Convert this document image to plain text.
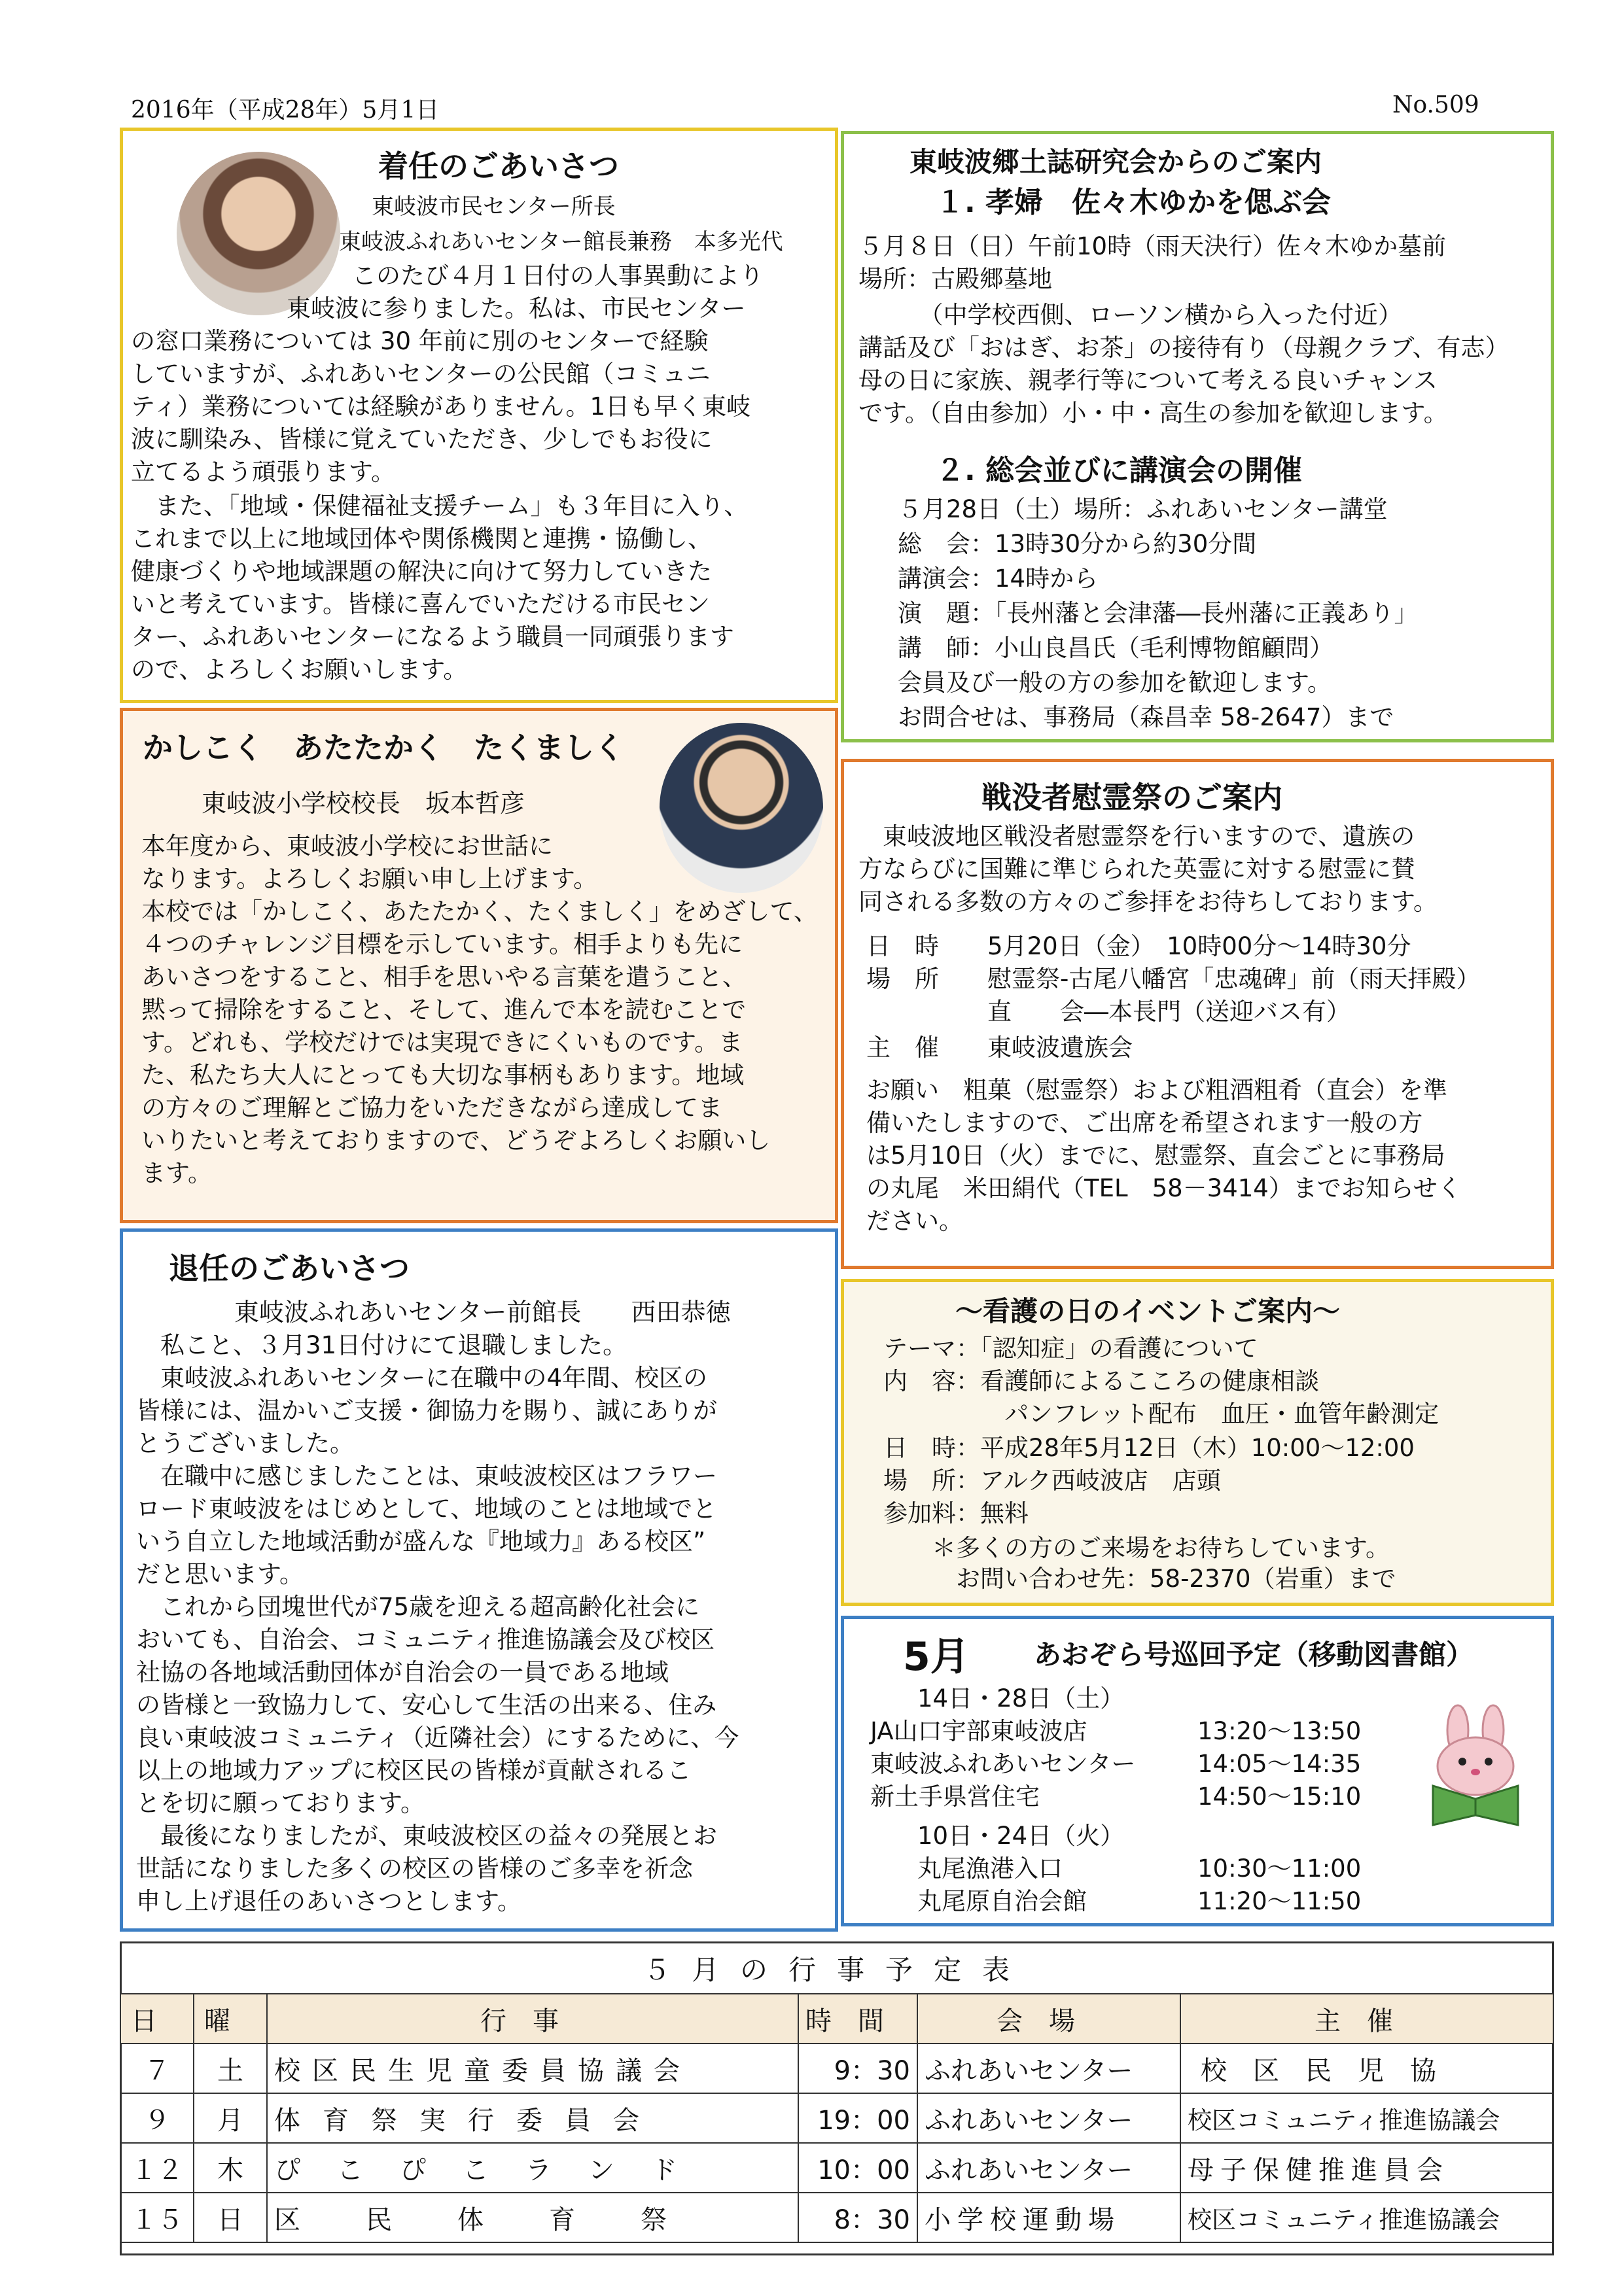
2016年（平成28年）5月1日	No.509

着任のごあいさつ

東岐波市民センター所長
東岐波ふれあいセンター館長兼務　本多光代

このたび４月１日付の人事異動により

東岐波に参りました。私は、市民センター

の窓口業務については 30 年前に別のセンターで経験

していますが、ふれあいセンターの公民館（コミュニ

ティ）業務については経験がありません。1日も早く東岐

波に馴染み、皆様に覚えていただき、少しでもお役に

立てるよう頑張ります。

　また、「地域・保健福祉支援チーム」も３年目に入り、

これまで以上に地域団体や関係機関と連携・協働し、

健康づくりや地域課題の解決に向けて努力していきた

いと考えています。皆様に喜んでいただける市民セン

ター、ふれあいセンターになるよう職員一同頑張ります

ので、よろしくお願いします。

かしこく　あたたかく　たくましく

東岐波小学校校長　坂本哲彦

本年度から、東岐波小学校にお世話に

なります。よろしくお願い申し上げます。

本校では「かしこく、あたたかく、たくましく」をめざして、

４つのチャレンジ目標を示しています。相手よりも先に

あいさつをすること、相手を思いやる言葉を遣うこと、

黙って掃除をすること、そして、進んで本を読むことで

す。どれも、学校だけでは実現できにくいものです。ま

た、私たち大人にとっても大切な事柄もあります。地域

の方々のご理解とご協力をいただきながら達成してま

いりたいと考えておりますので、どうぞよろしくお願いし

ます。

退任のごあいさつ

東岐波ふれあいセンター前館長　　西田恭徳

　私こと、３月31日付けにて退職しました。

　東岐波ふれあいセンターに在職中の4年間、校区の

皆様には、温かいご支援・御協力を賜り、誠にありが

とうございました。

　在職中に感じましたことは、東岐波校区はフラワー

ロード東岐波をはじめとして、地域のことは地域でと

いう自立した地域活動が盛んな『地域力』ある校区”

だと思います。

　これから団塊世代が75歳を迎える超高齢化社会に

おいても、自治会、コミュニティ推進協議会及び校区

社協の各地域活動団体が自治会の一員である地域

の皆様と一致協力して、安心して生活の出来る、住み

良い東岐波コミュニティ（近隣社会）にするために、今

以上の地域力アップに校区民の皆様が貢献されるこ

とを切に願っております。

　最後になりましたが、東岐波校区の益々の発展とお

世話になりました多くの校区の皆様のご多幸を祈念

申し上げ退任のあいさつとします。

東岐波郷土誌研究会からのご案内

１. 孝婦　佐々木ゆかを偲ぶ会

５月８日（日）午前10時（雨天決行）佐々木ゆか墓前

場所：古殿郷墓地

　　　（中学校西側、ローソン横から入った付近）

講話及び「おはぎ、お茶」の接待有り（母親クラブ、有志）

母の日に家族、親孝行等について考える良いチャンス

です。（自由参加）小・中・高生の参加を歓迎します。

２. 総会並びに講演会の開催

５月28日（土）場所：ふれあいセンター講堂

総　会：13時30分から約30分間

講演会：14時から

演　題：「長州藩と会津藩―長州藩に正義あり」

講　師：小山良昌氏（毛利博物館顧問）

会員及び一般の方の参加を歓迎します。

お問合せは、事務局（森昌幸 58-2647）まで

戦没者慰霊祭のご案内

　東岐波地区戦没者慰霊祭を行いますので、遺族の

方ならびに国難に準じられた英霊に対する慰霊に賛

同される多数の方々のご参拝をお待ちしております。

日　時　　5月20日（金）　10時00分～14時30分

場　所　　慰霊祭-古尾八幡宮「忠魂碑」前（雨天拝殿）

　　　　　直　　会―本長門（送迎バス有）

主　催　　東岐波遺族会

お願い　粗菓（慰霊祭）および粗酒粗肴（直会）を準

備いたしますので、ご出席を希望されます一般の方

は5月10日（火）までに、慰霊祭、直会ごとに事務局

の丸尾　米田絹代（TEL　58－3414）までお知らせく

ださい。

～看護の日のイベントご案内～

テーマ：「認知症」の看護について

内　容：看護師によるこころの健康相談

　　　　　パンフレット配布　血圧・血管年齢測定

日　時：平成28年5月12日（木）10:00～12:00

場　所：アルク西岐波店　店頭

参加料：無料

　　＊多くの方のご来場をお待ちしています。

　　　お問い合わせ先：58-2370（岩重）まで

5月 あおぞら号巡回予定（移動図書館）

14日・28日（土）

JA山口宇部東岐波店	13:20～13:50

東岐波ふれあいセンター	14:05～14:35

新土手県営住宅	14:50～15:10

10日・24日（火）

丸尾漁港入口	10:30～11:00

丸尾原自治会館	11:20～11:50

５月の行事予定表
日	曜	行事	時間	会場	主催
７	土	校区民生児童委員協議会	9：30	ふれあいセンター	校区民児協
９	月	体育祭実行委員会	19：00	ふれあいセンター	校区コミュニティ推進協議会
１２	木	ぴこぴこランド	10：00	ふれあいセンター	母子保健推進員会
１５	日	区民体育祭	8：30	小学校運動場	校区コミュニティ推進協議会
